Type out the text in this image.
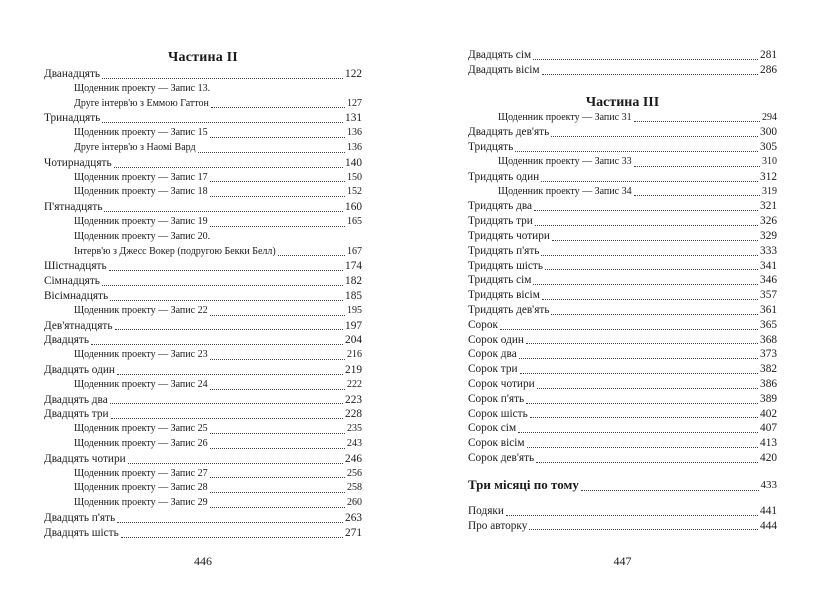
Частина II
Дванадцять	122
Щоденник проекту — Запис 13.
Друге інтерв'ю з Еммою Гаттон	127
Тринадцять	131
Щоденник проекту — Запис 15	136
Друге інтерв'ю з Наомі Вард	136
Чотирнадцять	140
Щоденник проекту — Запис 17	150
Щоденник проекту — Запис 18	152
П'ятнадцять	160
Щоденник проекту — Запис 19	165
Щоденник проекту — Запис 20.
Інтерв'ю з Джесс Вокер (подругою Бекки Белл)	167
Шістнадцять	174
Сімнадцять	182
Вісімнадцять	185
Щоденник проекту — Запис 22	195
Дев'ятнадцять	197
Двадцять	204
Щоденник проекту — Запис 23	216
Двадцять один	219
Щоденник проекту — Запис 24	222
Двадцять два	223
Двадцять три	228
Щоденник проекту — Запис 25	235
Щоденник проекту — Запис 26	243
Двадцять чотири	246
Щоденник проекту — Запис 27	256
Щоденник проекту — Запис 28	258
Щоденник проекту — Запис 29	260
Двадцять п'ять	263
Двадцять шість	271
446
Двадцять сім	281
Двадцять вісім	286
Частина III
Щоденник проекту — Запис 31	294
Двадцять дев'ять	300
Тридцять	305
Щоденник проекту — Запис 33	310
Тридцять один	312
Щоденник проекту — Запис 34	319
Тридцять два	321
Тридцять три	326
Тридцять чотири	329
Тридцять п'ять	333
Тридцять шість	341
Тридцять сім	346
Тридцять вісім	357
Тридцять дев'ять	361
Сорок	365
Сорок один	368
Сорок два	373
Сорок три	382
Сорок чотири	386
Сорок п'ять	389
Сорок шість	402
Сорок сім	407
Сорок вісім	413
Сорок дев'ять	420
Три місяці по тому	433
Подяки	441
Про авторку	444
447
